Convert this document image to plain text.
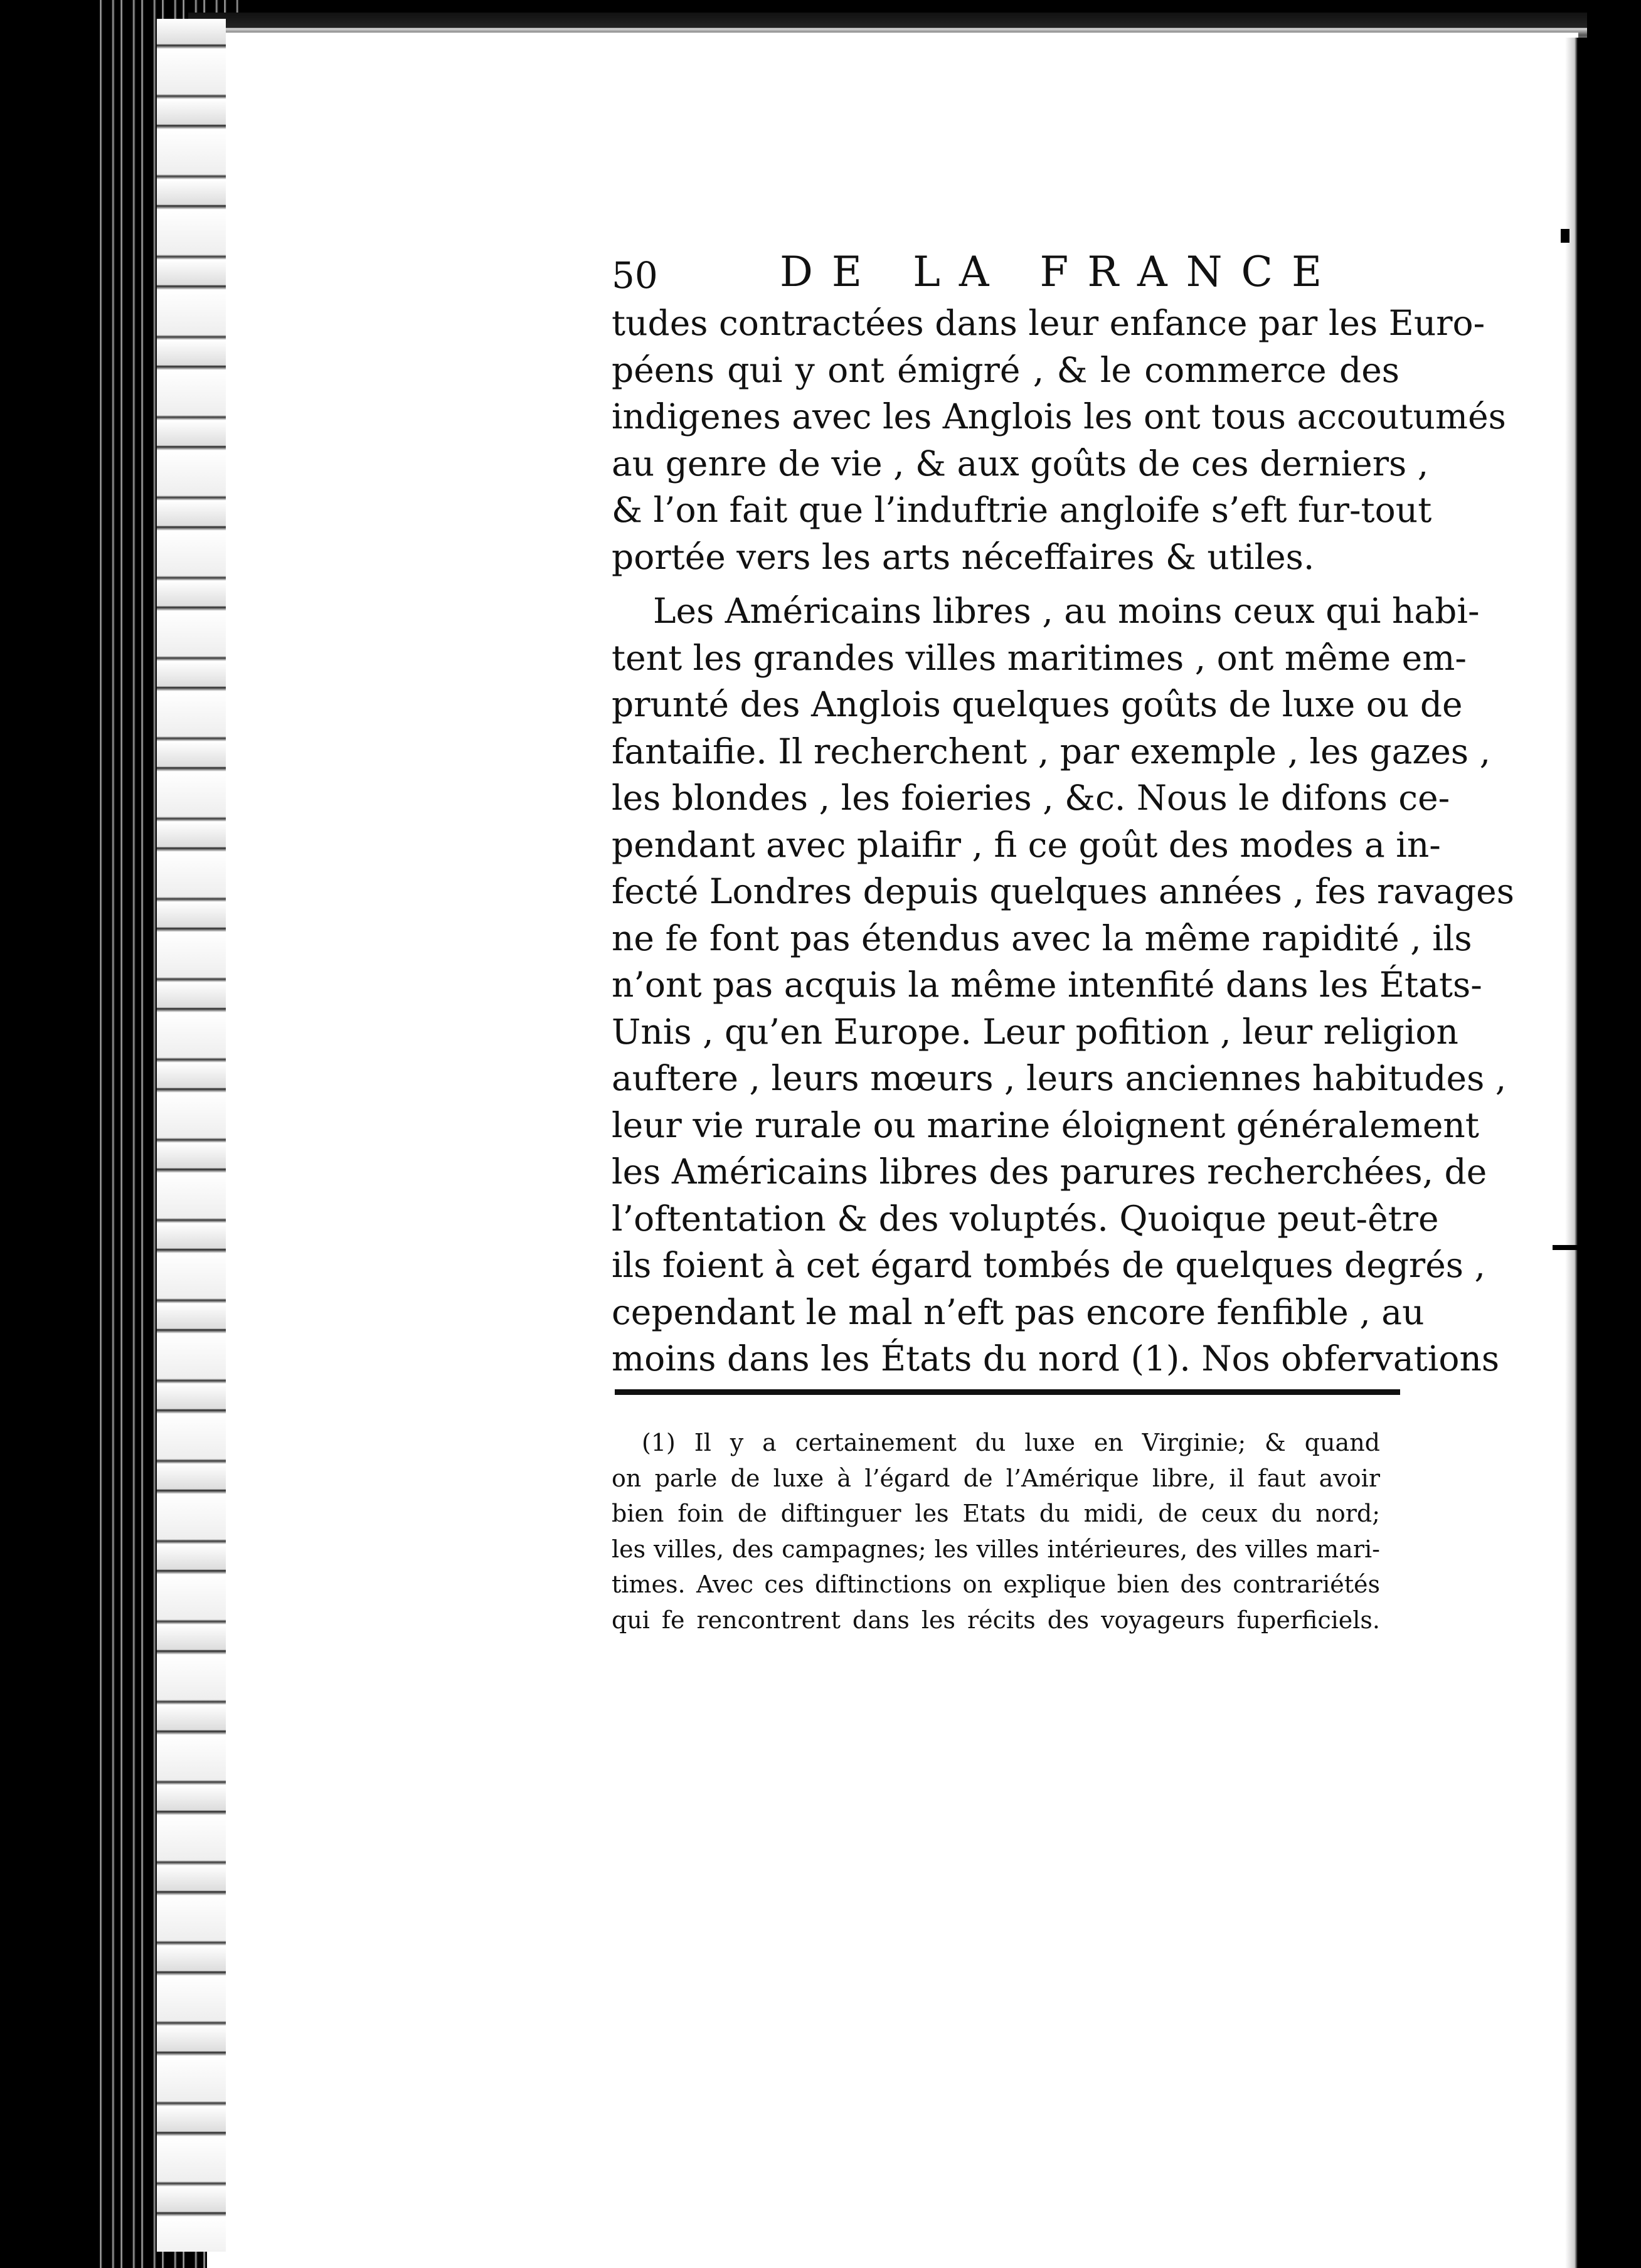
50	DE LA FRANCE
tudes contractées dans leur enfance par les Euro-
péens qui y ont émigré , & le commerce des
indigenes avec les Anglois les ont tous accoutumés
au genre de vie , & aux goûts de ces derniers ,
& l’on fait que l’induftrie angloife s’eft fur-tout
portée vers les arts néceffaires & utiles.
Les Américains libres , au moins ceux qui habi-
tent les grandes villes maritimes , ont même em-
prunté des Anglois quelques goûts de luxe ou de
fantaifie. Il recherchent , par exemple , les gazes ,
les blondes , les foieries , &c. Nous le difons ce-
pendant avec plaifir , fi ce goût des modes a in-
fecté Londres depuis quelques années , fes ravages
ne fe font pas étendus avec la même rapidité , ils
n’ont pas acquis la même intenfité dans les États-
Unis , qu’en Europe. Leur pofition , leur religion
auftere , leurs mœurs , leurs anciennes habitudes ,
leur vie rurale ou marine éloignent généralement
les Américains libres des parures recherchées, de
l’oftentation & des voluptés. Quoique peut-être
ils foient à cet égard tombés de quelques degrés ,
cependant le mal n’eft pas encore fenfible , au
moins dans les États du nord (1). Nos obfervations
(1) Il y a certainement du luxe en Virginie; & quand
on parle de luxe à l’égard de l’Amérique libre, il faut avoir
bien foin de diftinguer les Etats du midi, de ceux du nord;
les villes, des campagnes; les villes intérieures, des villes mari-
times. Avec ces diftinctions on explique bien des contrariétés
qui fe rencontrent dans les récits des voyageurs fuperficiels.
